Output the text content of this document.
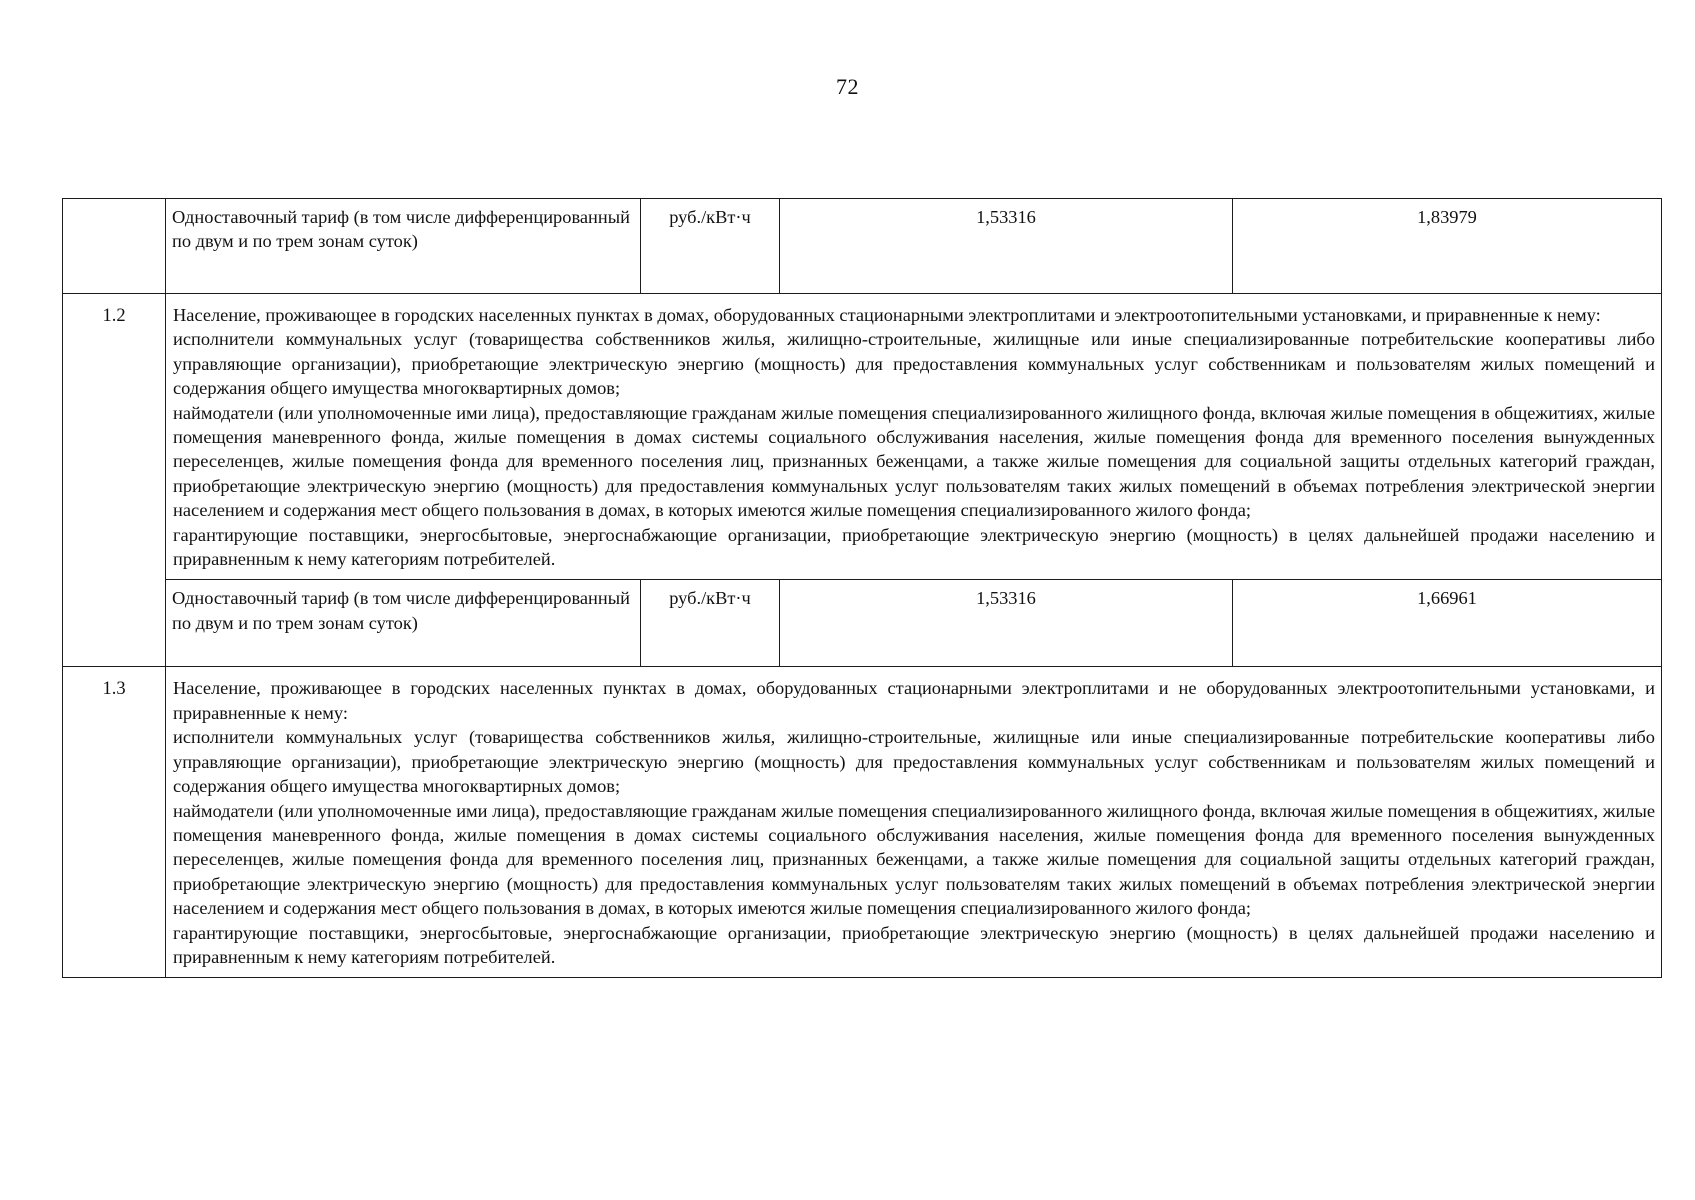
72

Одноставочный тариф (в том числе дифференцированный по двум и по трем зонам суток)	руб./кВт·ч	1,53316	1,83979

1.2	Население, проживающее в городских населенных пунктах в домах, оборудованных стационарными электроплитами и электроотопительными установками, и приравненные к нему:

исполнители коммунальных услуг (товарищества собственников жилья, жилищно-строительные, жилищные или иные специализированные потребительские кооперативы либо управляющие организации), приобретающие электрическую энергию (мощность) для предоставления коммунальных услуг собственникам и пользователям жилых помещений и содержания общего имущества многоквартирных домов;

наймодатели (или уполномоченные ими лица), предоставляющие гражданам жилые помещения специализированного жилищного фонда, включая жилые помещения в общежитиях, жилые помещения маневренного фонда, жилые помещения в домах системы социального обслуживания населения, жилые помещения фонда для временного поселения вынужденных переселенцев, жилые помещения фонда для временного поселения лиц, признанных беженцами, а также жилые помещения для социальной защиты отдельных категорий граждан, приобретающие электрическую энергию (мощность) для предоставления коммунальных услуг пользователям таких жилых помещений в объемах потребления электрической энергии населением и содержания мест общего пользования в домах, в которых имеются жилые помещения специализированного жилого фонда;

гарантирующие поставщики, энергосбытовые, энергоснабжающие организации, приобретающие электрическую энергию (мощность) в целях дальнейшей продажи населению и приравненным к нему категориям потребителей.

Одноставочный тариф (в том числе дифференцированный по двум и по трем зонам суток)	руб./кВт·ч	1,53316	1,66961

1.3	Население, проживающее в городских населенных пунктах в домах, оборудованных стационарными электроплитами и не оборудованных электроотопительными установками, и приравненные к нему:

исполнители коммунальных услуг (товарищества собственников жилья, жилищно-строительные, жилищные или иные специализированные потребительские кооперативы либо управляющие организации), приобретающие электрическую энергию (мощность) для предоставления коммунальных услуг собственникам и пользователям жилых помещений и содержания общего имущества многоквартирных домов;

наймодатели (или уполномоченные ими лица), предоставляющие гражданам жилые помещения специализированного жилищного фонда, включая жилые помещения в общежитиях, жилые помещения маневренного фонда, жилые помещения в домах системы социального обслуживания населения, жилые помещения фонда для временного поселения вынужденных переселенцев, жилые помещения фонда для временного поселения лиц, признанных беженцами, а также жилые помещения для социальной защиты отдельных категорий граждан, приобретающие электрическую энергию (мощность) для предоставления коммунальных услуг пользователям таких жилых помещений в объемах потребления электрической энергии населением и содержания мест общего пользования в домах, в которых имеются жилые помещения специализированного жилого фонда;

гарантирующие поставщики, энергосбытовые, энергоснабжающие организации, приобретающие электрическую энергию (мощность) в целях дальнейшей продажи населению и приравненным к нему категориям потребителей.
